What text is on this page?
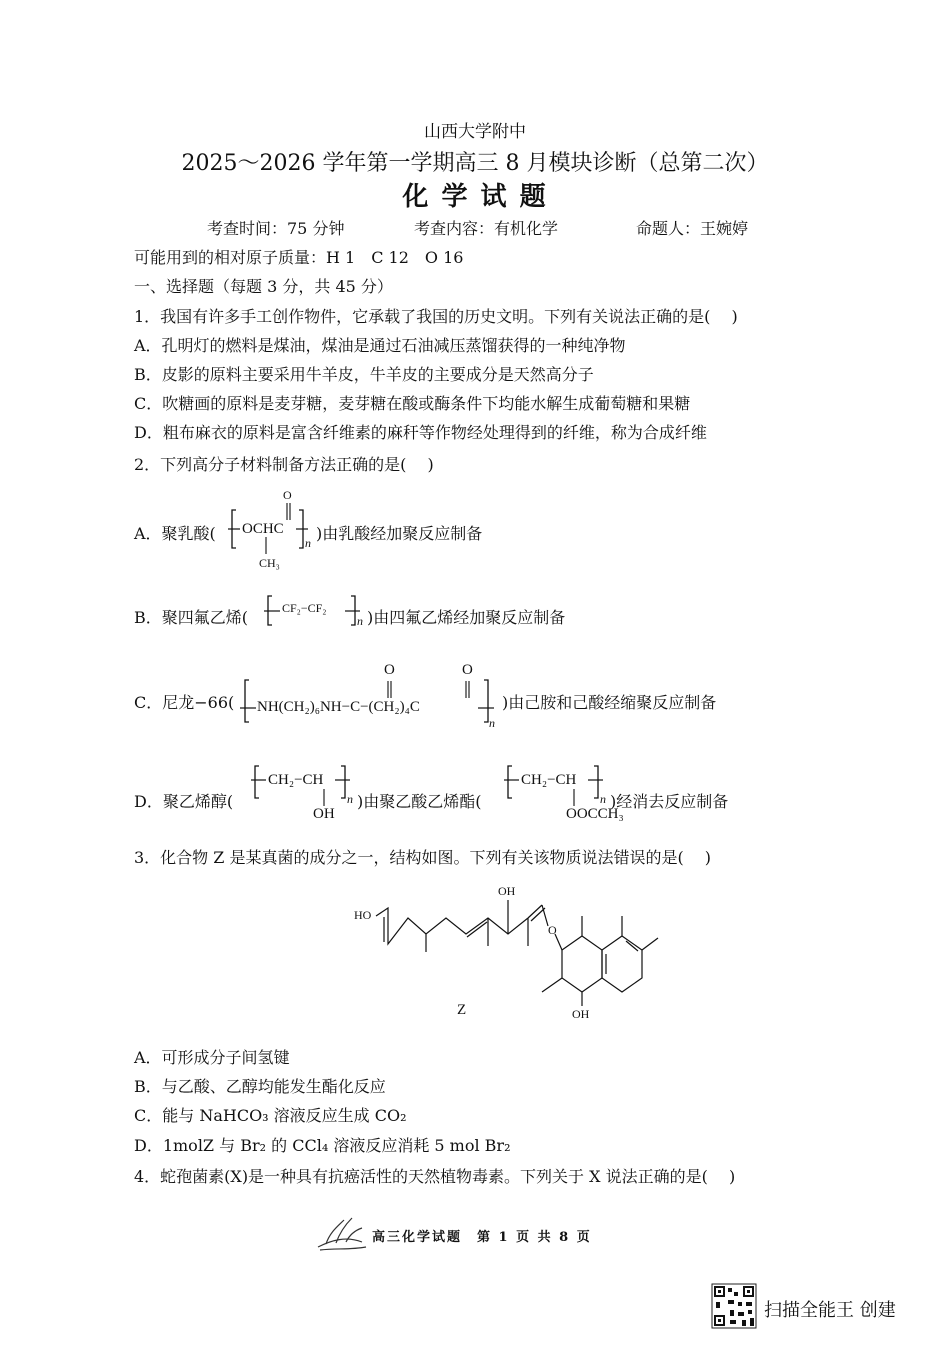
山西大学附中
2025～2026 学年第一学期高三 8 月模块诊断（总第二次）
化 学 试 题
考查时间：75 分钟	考查内容：有机化学	命题人：王婉婷
可能用到的相对原子质量：H 1　C 12　O 16
一、选择题（每题 3 分，共 45 分）
1．我国有许多手工创作物件，它承载了我国的历史文明。下列有关说法正确的是(　 )
A．孔明灯的燃料是煤油，煤油是通过石油减压蒸馏获得的一种纯净物
B．皮影的原料主要采用牛羊皮，牛羊皮的主要成分是天然高分子
C．吹糖画的原料是麦芽糖，麦芽糖在酸或酶条件下均能水解生成葡萄糖和果糖
D．粗布麻衣的原料是富含纤维素的麻秆等作物经处理得到的纤维，称为合成纤维
2．下列高分子材料制备方法正确的是(　 )
A．聚乳酸( OCHC
O
CH₃
n )由乳酸经加聚反应制备
B．聚四氟乙烯(	CF₂−CF₂
n )由四氟乙烯经加聚反应制备
C．尼龙−66( NH(CH₂)₆NH−C−(CH₂)₄C
O	O
n
)由己胺和己酸经缩聚反应制备
D．聚乙烯醇(
CH₂−CH
OH
n )由聚乙酸乙烯酯(
CH₂−CH
OOCCH₃
n )经消去反应制备
3．化合物 Z 是某真菌的成分之一，结构如图。下列有关该物质说法错误的是(　 )
HO
OH
O
OH
Z
A．可形成分子间氢键
B．与乙酸、乙醇均能发生酯化反应
C．能与 NaHCO₃ 溶液反应生成 CO₂
D．1molZ 与 Br₂ 的 CCl₄ 溶液反应消耗 5 mol Br₂
4．蛇孢菌素(X)是一种具有抗癌活性的天然植物毒素。下列关于 X 说法正确的是(　 )
高三化学试题　第 1 页 共 8 页
扫描全能王 创建
